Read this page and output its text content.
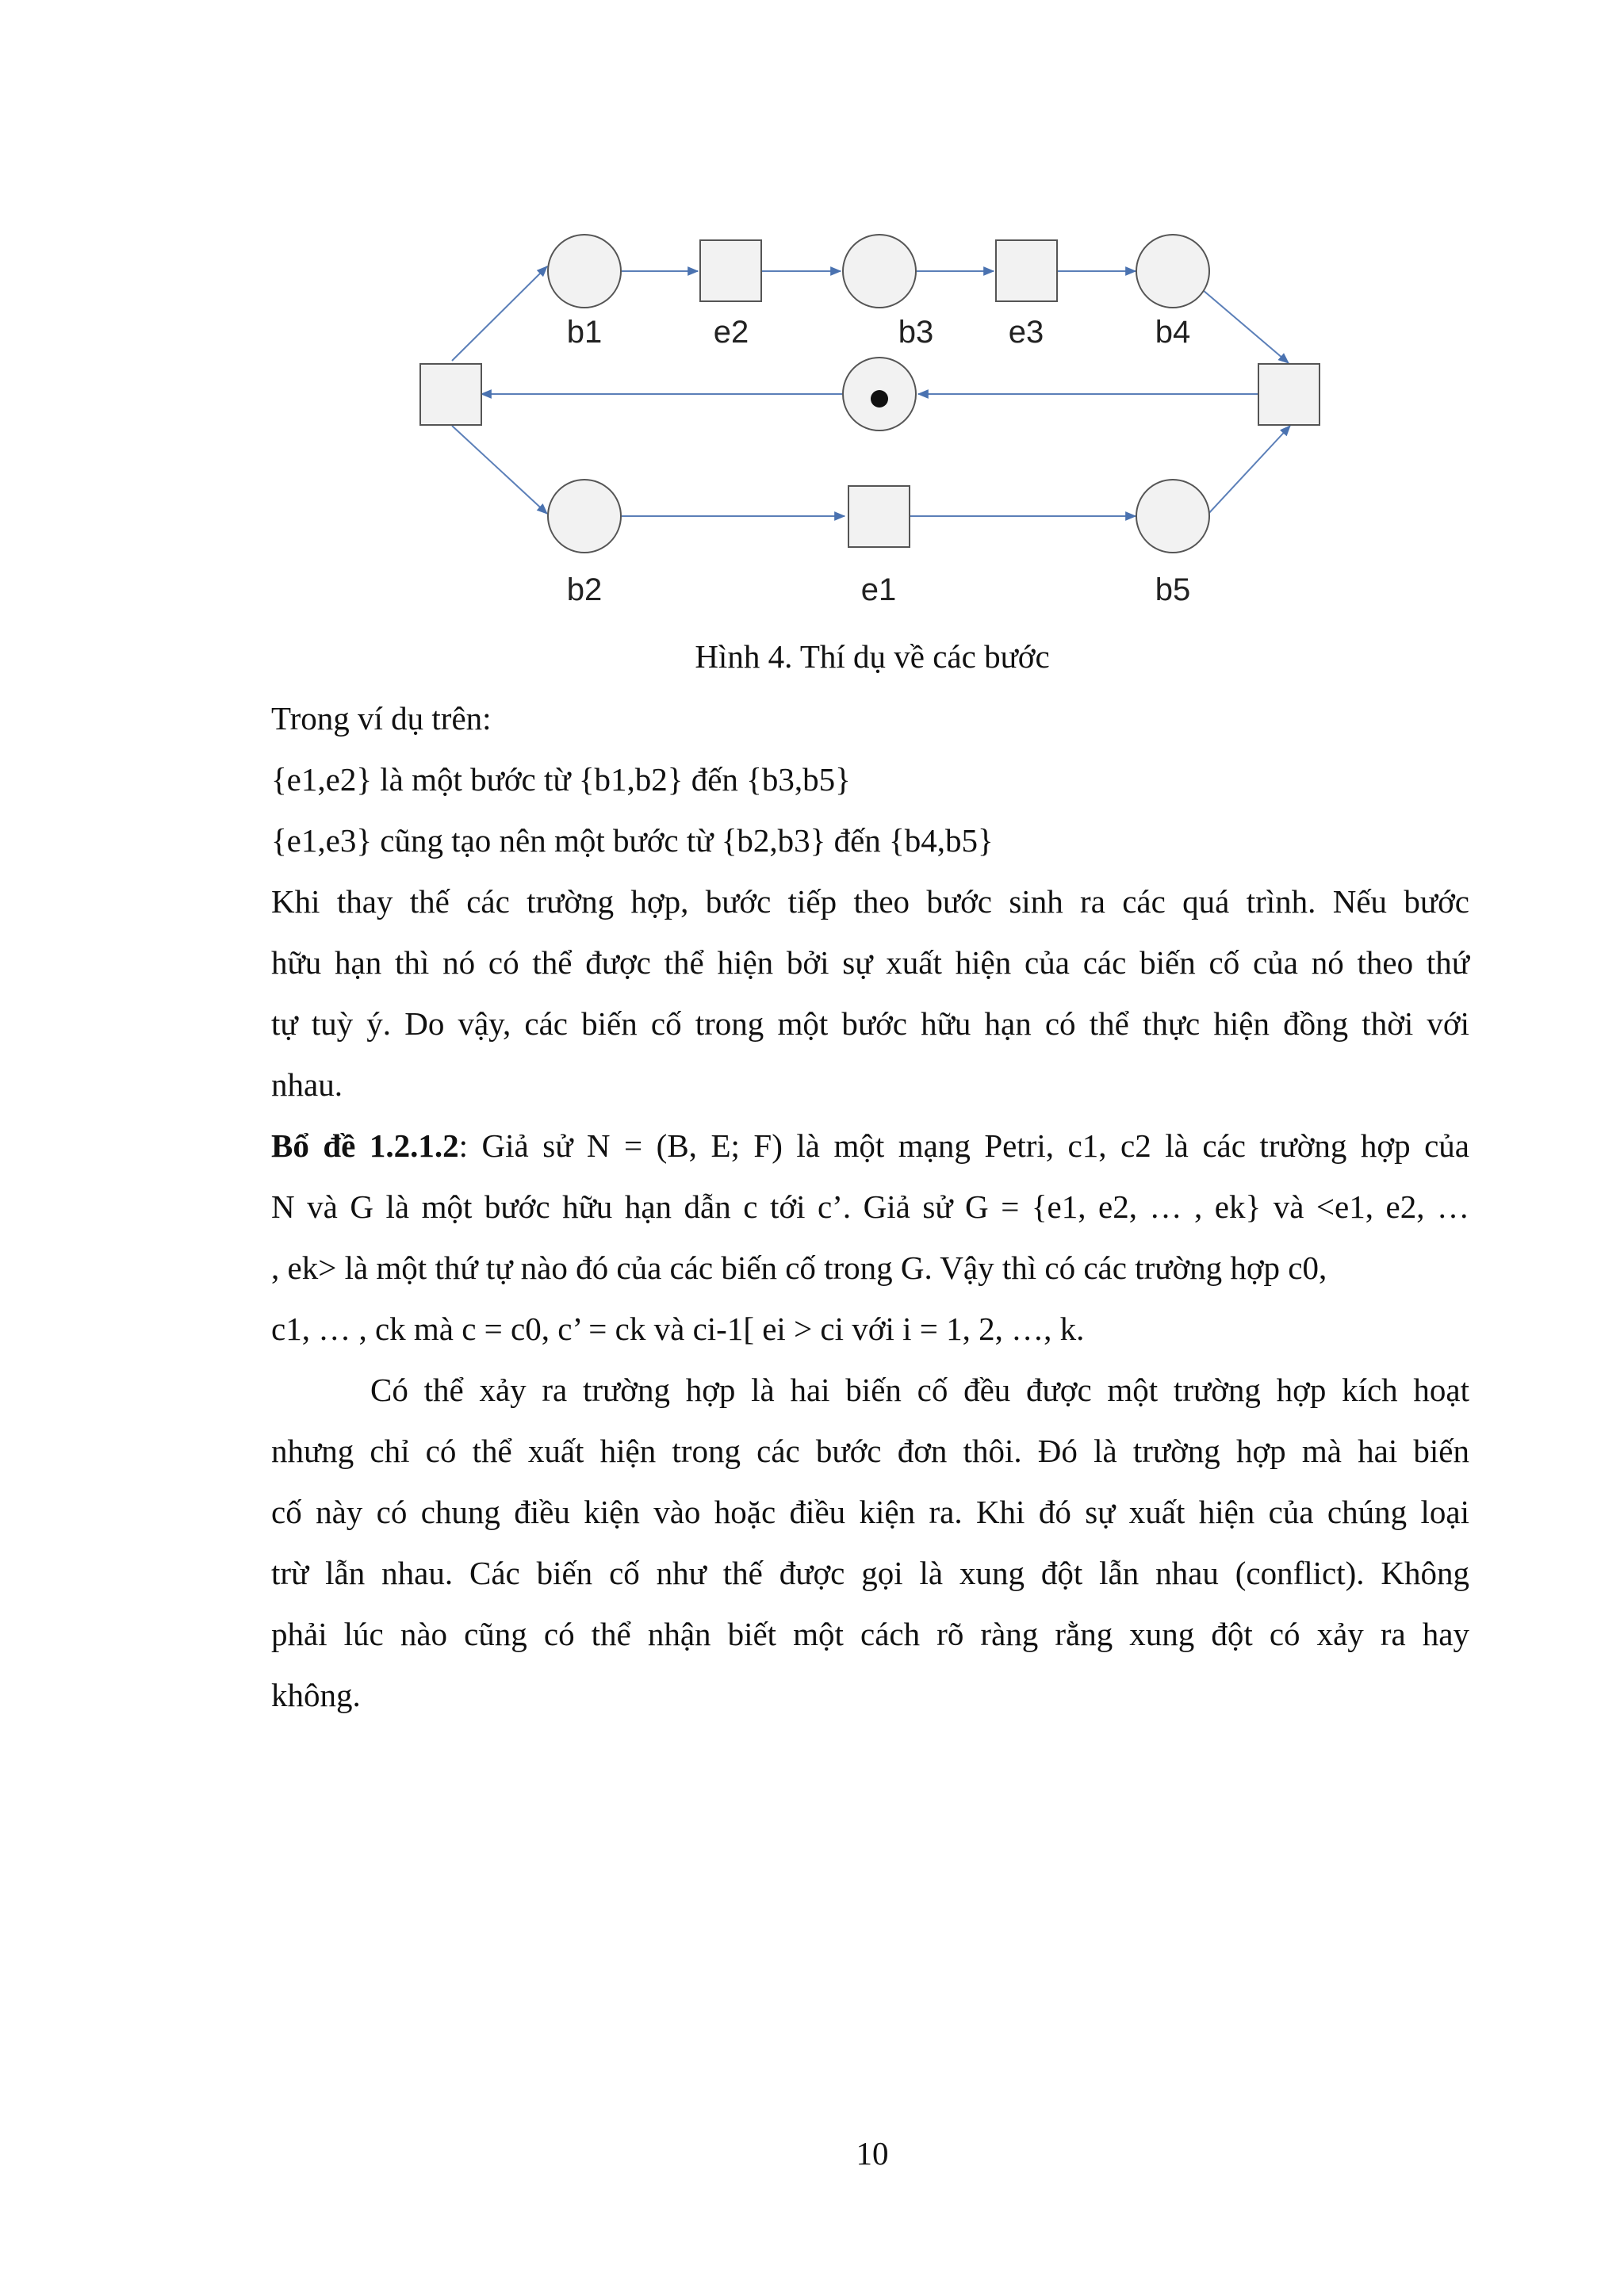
b1	e2	b3 e3	b4
b2	e1	b5
Hình 4. Thí dụ về các bước
Trong ví dụ trên:
{e1,e2} là một bước từ {b1,b2} đến {b3,b5}
{e1,e3} cũng tạo nên một bước từ {b2,b3} đến {b4,b5}
Khi thay thế các trường hợp, bước tiếp theo bước sinh ra các quá trình. Nếu bước
hữu hạn thì nó có thể được thể hiện bởi sự xuất hiện của các biến cố của nó theo thứ
tự tuỳ ý. Do vậy, các biến cố trong một bước hữu hạn có thể thực hiện đồng thời với
nhau.
Bổ đề 1.2.1.2: Giả sử N = (B, E; F) là một mạng Petri, c1, c2 là các trường hợp của
N và G là một bước hữu hạn dẫn c tới c’. Giả sử G = {e1, e2, … , ek} và <e1, e2, …
, ek> là một thứ tự nào đó của các biến cố trong G. Vậy thì có các trường hợp c0,
c1, … , ck mà c = c0, c’ = ck và ci-1[ ei > ci với i = 1, 2, …, k.
Có thể xảy ra trường hợp là hai biến cố đều được một trường hợp kích hoạt
nhưng chỉ có thể xuất hiện trong các bước đơn thôi. Đó là trường hợp mà hai biến
cố này có chung điều kiện vào hoặc điều kiện ra. Khi đó sự xuất hiện của chúng loại
trừ lẫn nhau. Các biến cố như thế được gọi là xung đột lẫn nhau (conflict). Không
phải lúc nào cũng có thể nhận biết một cách rõ ràng rằng xung đột có xảy ra hay
không.
10
